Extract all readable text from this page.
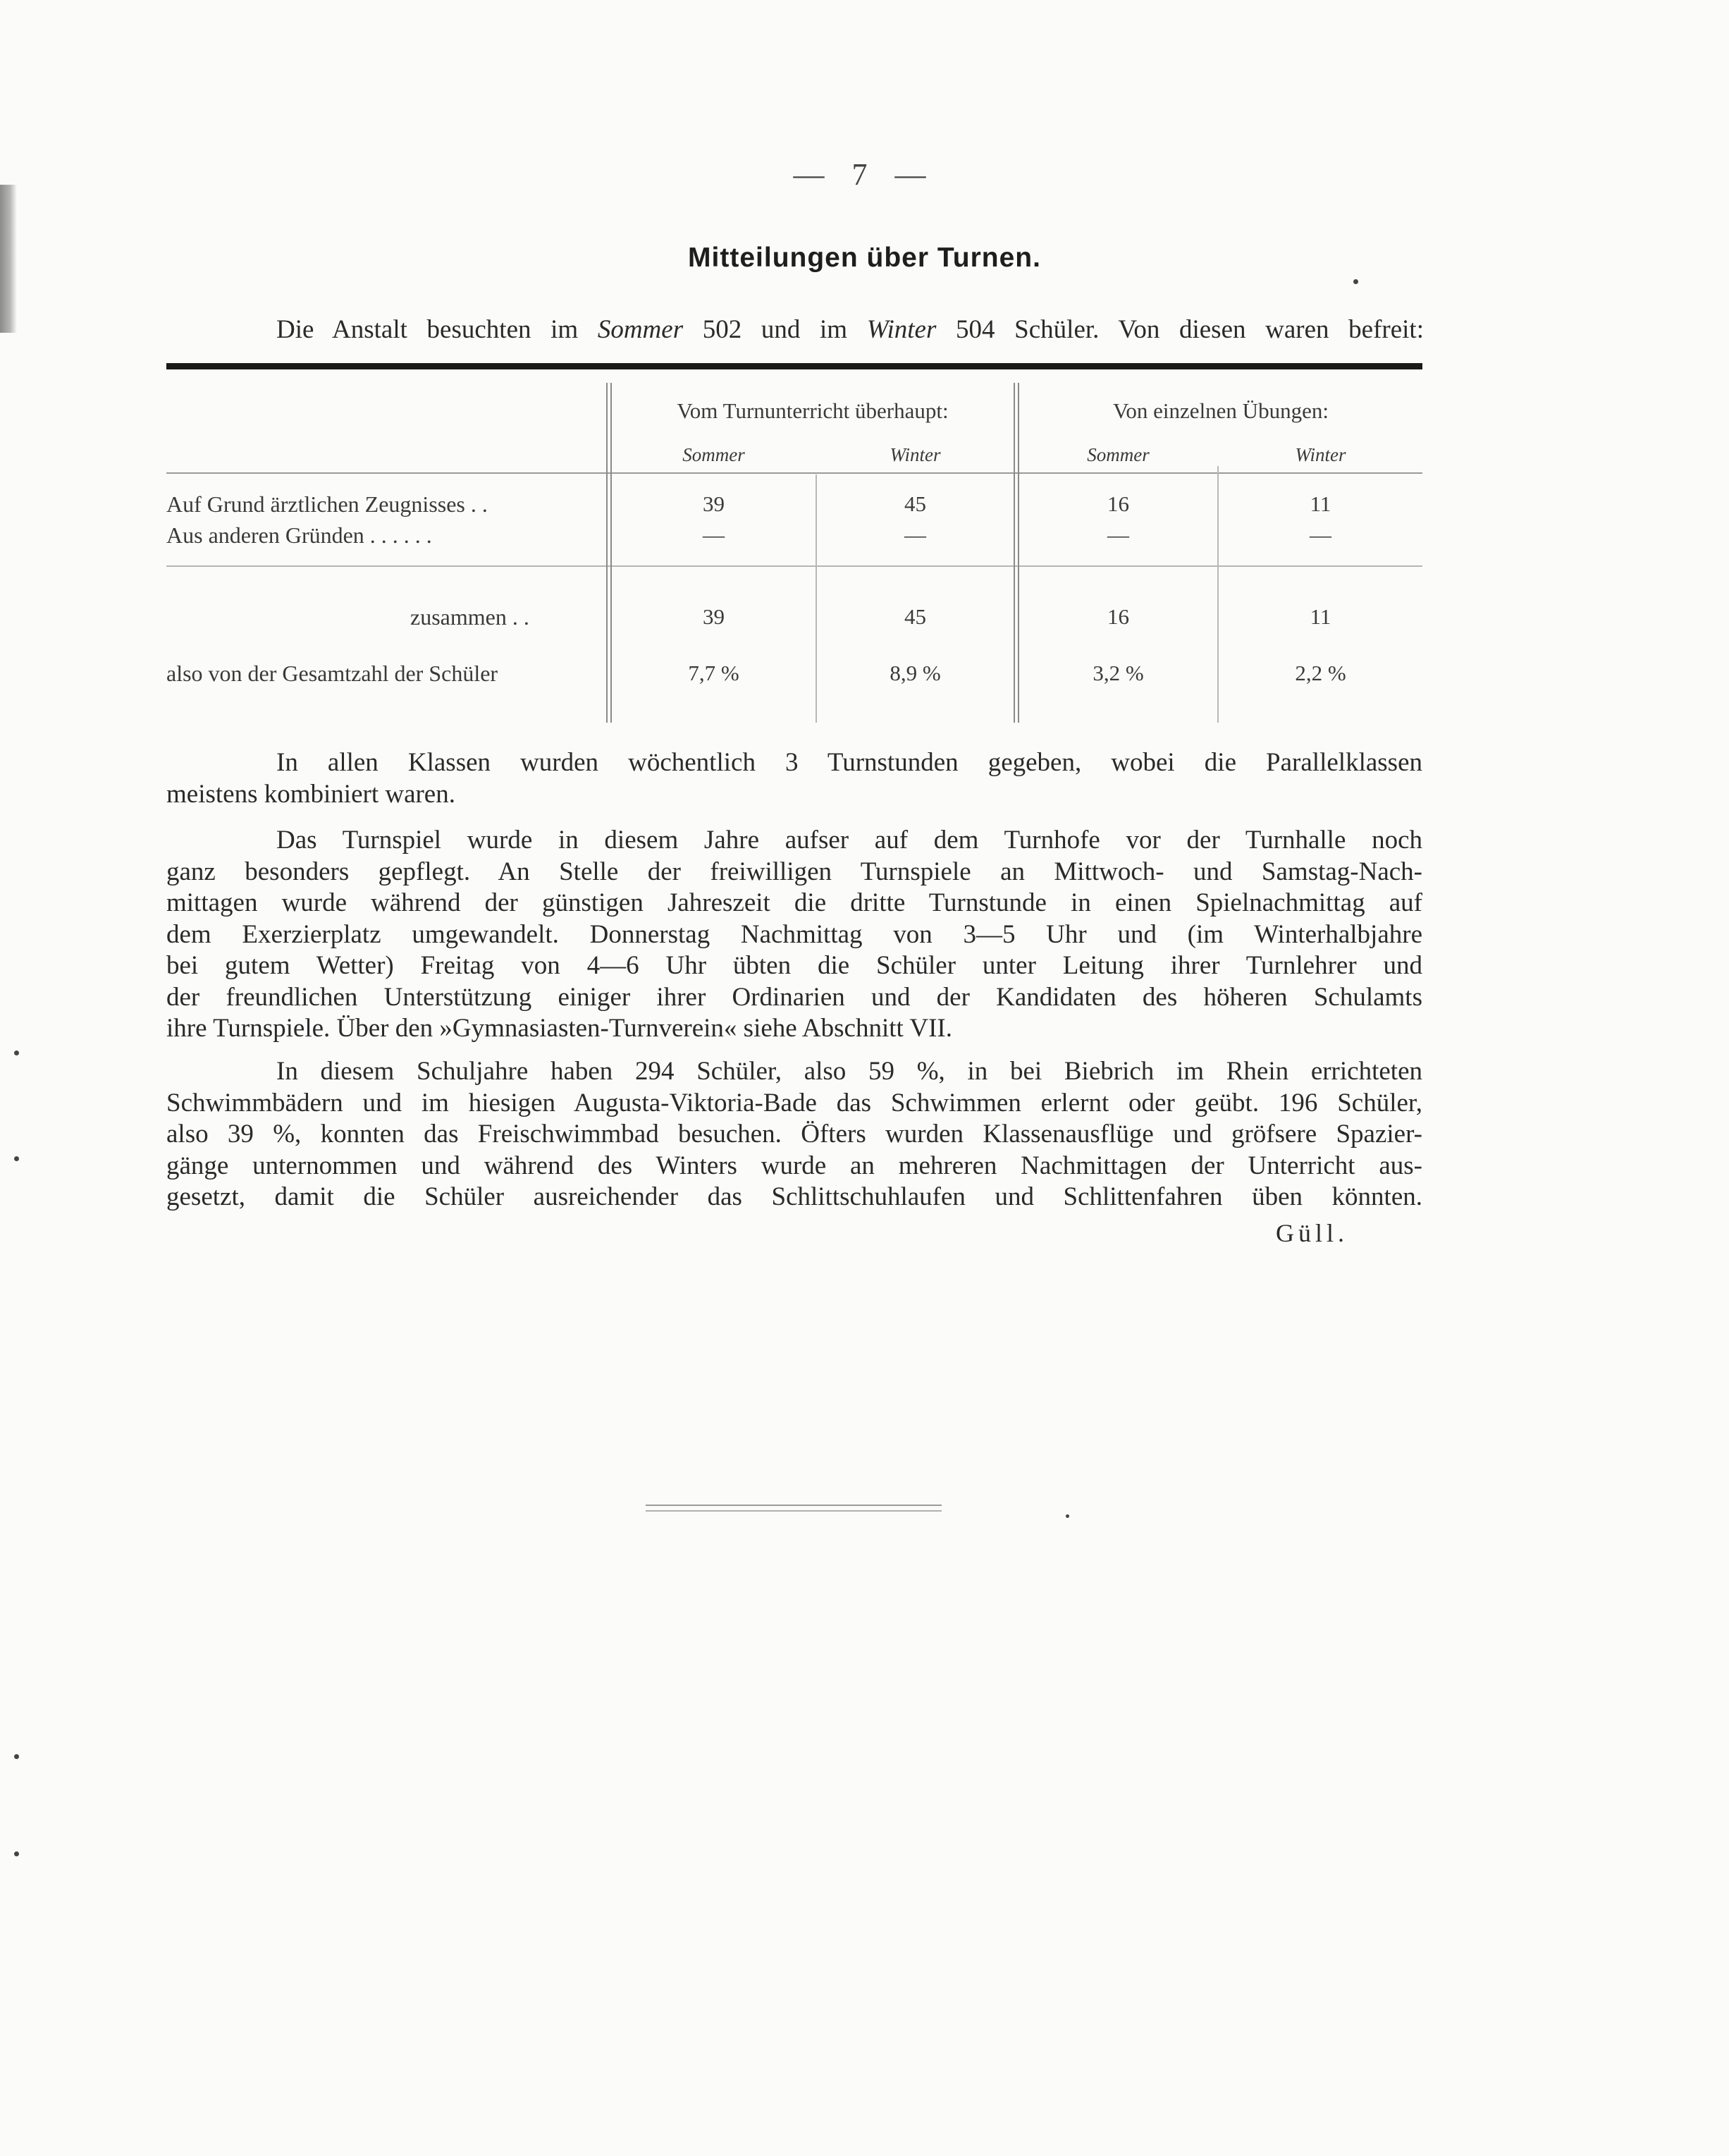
— 7 —
Mitteilungen über Turnen.
Die Anstalt besuchten im Sommer 502 und im Winter 504 Schüler. Von diesen waren befreit:
Vom Turnunterricht überhaupt:	Von einzelnen Übungen:
Sommer	Winter	Sommer	Winter
Auf Grund ärztlichen Zeugnisses . .	39	45	16	11
Aus anderen Gründen . . . . . .	—	—	—	—
zusammen . .	39	45	16	11
also von der Gesamtzahl der Schüler	7,7 %	8,9 %	3,2 %	2,2 %
In allen Klassen wurden wöchentlich 3 Turnstunden gegeben, wobei die Parallelklassen
meistens kombiniert waren.
Das Turnspiel wurde in diesem Jahre aufser auf dem Turnhofe vor der Turnhalle noch
ganz besonders gepflegt. An Stelle der freiwilligen Turnspiele an Mittwoch- und Samstag-Nach-
mittagen wurde während der günstigen Jahreszeit die dritte Turnstunde in einen Spielnachmittag auf
dem Exerzierplatz umgewandelt. Donnerstag Nachmittag von 3—5 Uhr und (im Winterhalbjahre
bei gutem Wetter) Freitag von 4—6 Uhr übten die Schüler unter Leitung ihrer Turnlehrer und
der freundlichen Unterstützung einiger ihrer Ordinarien und der Kandidaten des höheren Schulamts
ihre Turnspiele. Über den »Gymnasiasten-Turnverein« siehe Abschnitt VII.
In diesem Schuljahre haben 294 Schüler, also 59 %, in bei Biebrich im Rhein errichteten
Schwimmbädern und im hiesigen Augusta-Viktoria-Bade das Schwimmen erlernt oder geübt. 196 Schüler,
also 39 %, konnten das Freischwimmbad besuchen. Öfters wurden Klassenausflüge und gröfsere Spazier-
gänge unternommen und während des Winters wurde an mehreren Nachmittagen der Unterricht aus-
gesetzt, damit die Schüler ausreichender das Schlittschuhlaufen und Schlittenfahren üben könnten.
Güll.
